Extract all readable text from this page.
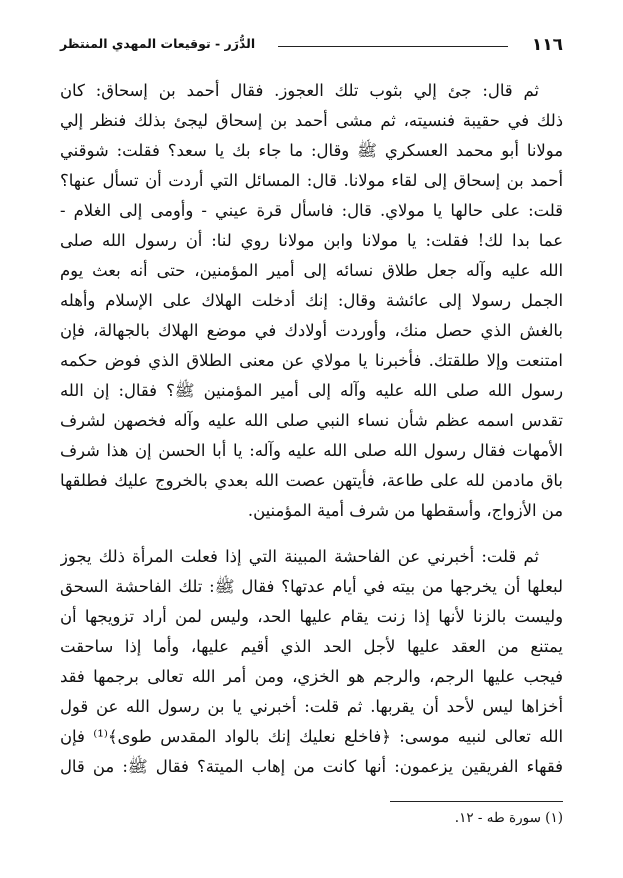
١١٦
الدُّرَر - توقيعات المهدي المنتظر
ثم قال: جئ إلي بثوب تلك العجوز. فقال أحمد بن إسحاق: كان
ذلك في حقيبة فنسيته، ثم مشى أحمد بن إسحاق ليجئ بذلك فنظر إلي
مولانا أبو محمد العسكري ﷺ وقال: ما جاء بك يا سعد؟ فقلت: شوقني
أحمد بن إسحاق إلى لقاء مولانا. قال: المسائل التي أردت أن تسأل عنها؟
قلت: على حالها يا مولاي. قال: فاسأل قرة عيني - وأومى إلى الغلام -
عما بدا لك! فقلت: يا مولانا وابن مولانا روي لنا: أن رسول الله صلى
الله عليه وآله جعل طلاق نسائه إلى أمير المؤمنين، حتى أنه بعث يوم
الجمل رسولا إلى عائشة وقال: إنك أدخلت الهلاك على الإسلام وأهله
بالغش الذي حصل منك، وأوردت أولادك في موضع الهلاك بالجهالة، فإن
امتنعت وإلا طلقتك. فأخبرنا يا مولاي عن معنى الطلاق الذي فوض حكمه
رسول الله صلى الله عليه وآله إلى أمير المؤمنين ﷺ؟ فقال: إن الله
تقدس اسمه عظم شأن نساء النبي صلى الله عليه وآله فخصهن لشرف
الأمهات فقال رسول الله صلى الله عليه وآله: يا أبا الحسن إن هذا شرف
باق مادمن لله على طاعة، فأيتهن عصت الله بعدي بالخروج عليك فطلقها
من الأزواج، وأسقطها من شرف أمية المؤمنين.
ثم قلت: أخبرني عن الفاحشة المبينة التي إذا فعلت المرأة ذلك يجوز
لبعلها أن يخرجها من بيته في أيام عدتها؟ فقال ﷺ: تلك الفاحشة السحق
وليست بالزنا لأنها إذا زنت يقام عليها الحد، وليس لمن أراد تزويجها أن
يمتنع من العقد عليها لأجل الحد الذي أقيم عليها، وأما إذا ساحقت
فيجب عليها الرجم، والرجم هو الخزي، ومن أمر الله تعالى برجمها فقد
أخزاها ليس لأحد أن يقربها. ثم قلت: أخبرني يا بن رسول الله عن قول
الله تعالى لنبيه موسى: ﴿فاخلع نعليك إنك بالواد المقدس طوى﴾⁽¹⁾ فإن
فقهاء الفريقين يزعمون: أنها كانت من إهاب الميتة؟ فقال ﷺ: من قال
(١) سورة طه - ١٢.
